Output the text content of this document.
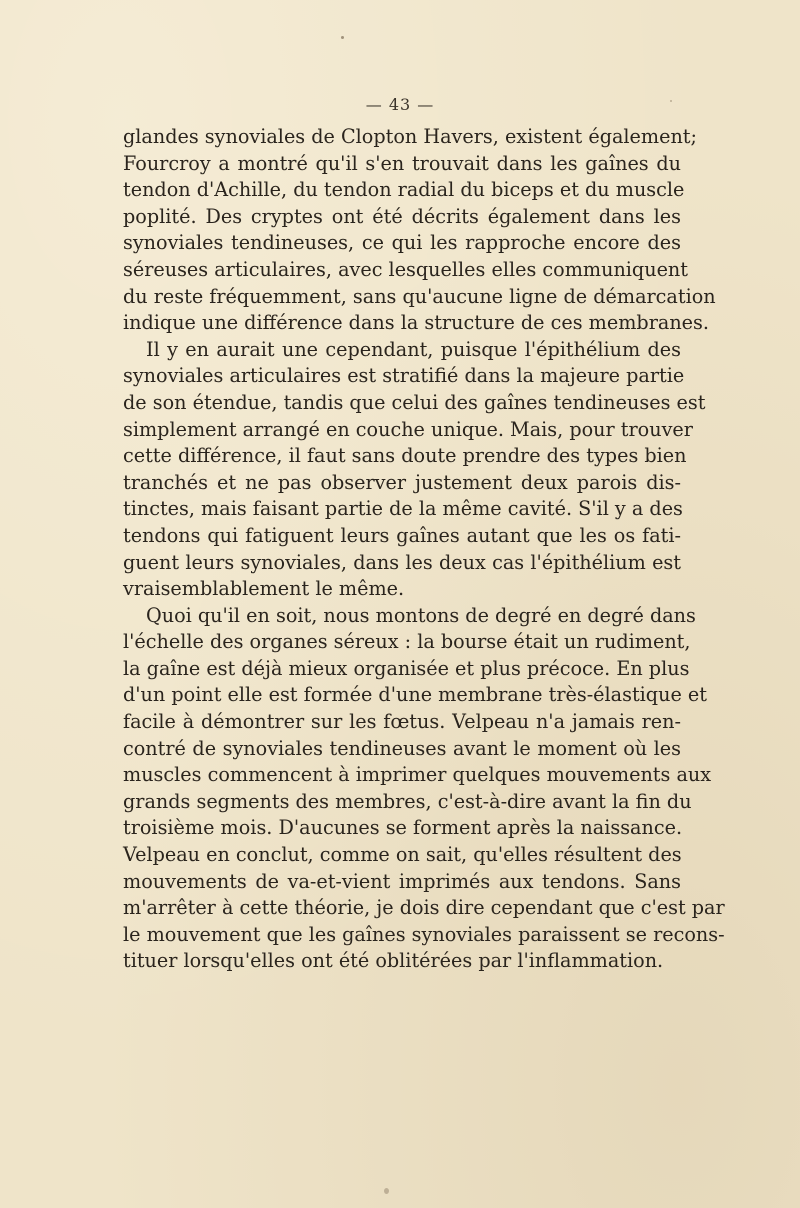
— 43 —
glandes synoviales de Clopton Havers, existent également;
Fourcroy a montré qu'il s'en trouvait dans les gaînes du
tendon d'Achille, du tendon radial du biceps et du muscle
poplité. Des cryptes ont été décrits également dans les
synoviales tendineuses, ce qui les rapproche encore des
séreuses articulaires, avec lesquelles elles communiquent
du reste fréquemment, sans qu'aucune ligne de démarcation
indique une différence dans la structure de ces membranes.
Il y en aurait une cependant, puisque l'épithélium des
synoviales articulaires est stratifié dans la majeure partie
de son étendue, tandis que celui des gaînes tendineuses est
simplement arrangé en couche unique. Mais, pour trouver
cette différence, il faut sans doute prendre des types bien
tranchés et ne pas observer justement deux parois dis-
tinctes, mais faisant partie de la même cavité. S'il y a des
tendons qui fatiguent leurs gaînes autant que les os fati-
guent leurs synoviales, dans les deux cas l'épithélium est
vraisemblablement le même.
Quoi qu'il en soit, nous montons de degré en degré dans
l'échelle des organes séreux : la bourse était un rudiment,
la gaîne est déjà mieux organisée et plus précoce. En plus
d'un point elle est formée d'une membrane très-élastique et
facile à démontrer sur les fœtus. Velpeau n'a jamais ren-
contré de synoviales tendineuses avant le moment où les
muscles commencent à imprimer quelques mouvements aux
grands segments des membres, c'est-à-dire avant la fin du
troisième mois. D'aucunes se forment après la naissance.
Velpeau en conclut, comme on sait, qu'elles résultent des
mouvements de va-et-vient imprimés aux tendons. Sans
m'arrêter à cette théorie, je dois dire cependant que c'est par
le mouvement que les gaînes synoviales paraissent se recons-
tituer lorsqu'elles ont été oblitérées par l'inflammation.
